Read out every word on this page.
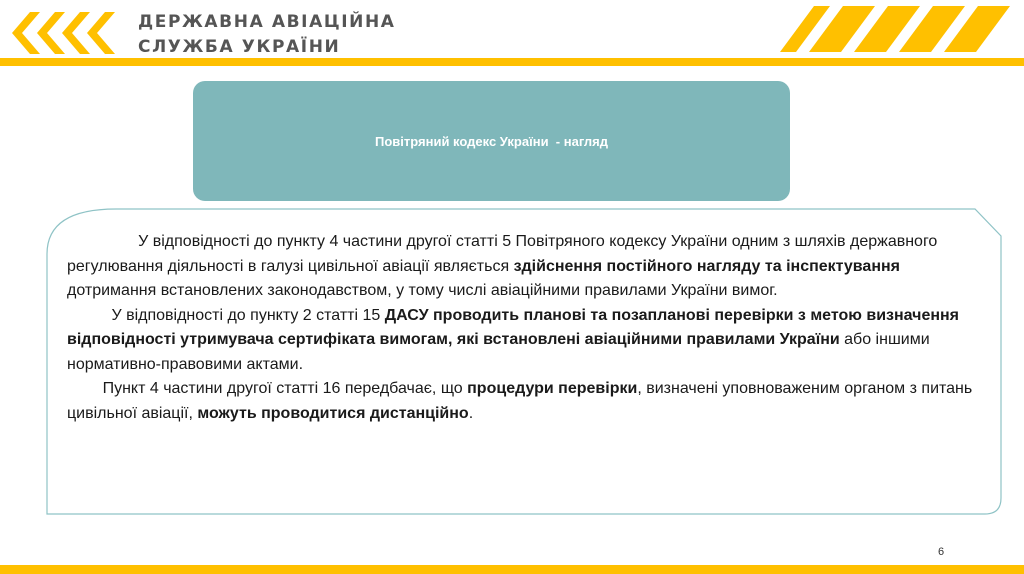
ДЕРЖАВНА АВІАЦІЙНА
СЛУЖБА УКРАЇНИ
Повітряний кодекс України  - нагляд

У відповідності до пункту 4 частини другої статті 5 Повітряного кодексу України одним з шляхів державного регулювання діяльності в галузі цивільної авіації являється здійснення постійного нагляду та інспектування дотримання встановлених законодавством, у тому числі авіаційними правилами України вимог.

У відповідності до пункту 2 статті 15 ДАСУ проводить планові та позапланові перевірки з метою визначення відповідності утримувача сертифіката вимогам, які встановлені авіаційними правилами України або іншими нормативно-правовими актами.

Пункт 4 частини другої статті 16 передбачає, що процедури перевірки, визначені уповноваженим органом з питань цивільної авіації, можуть проводитися дистанційно.

6
